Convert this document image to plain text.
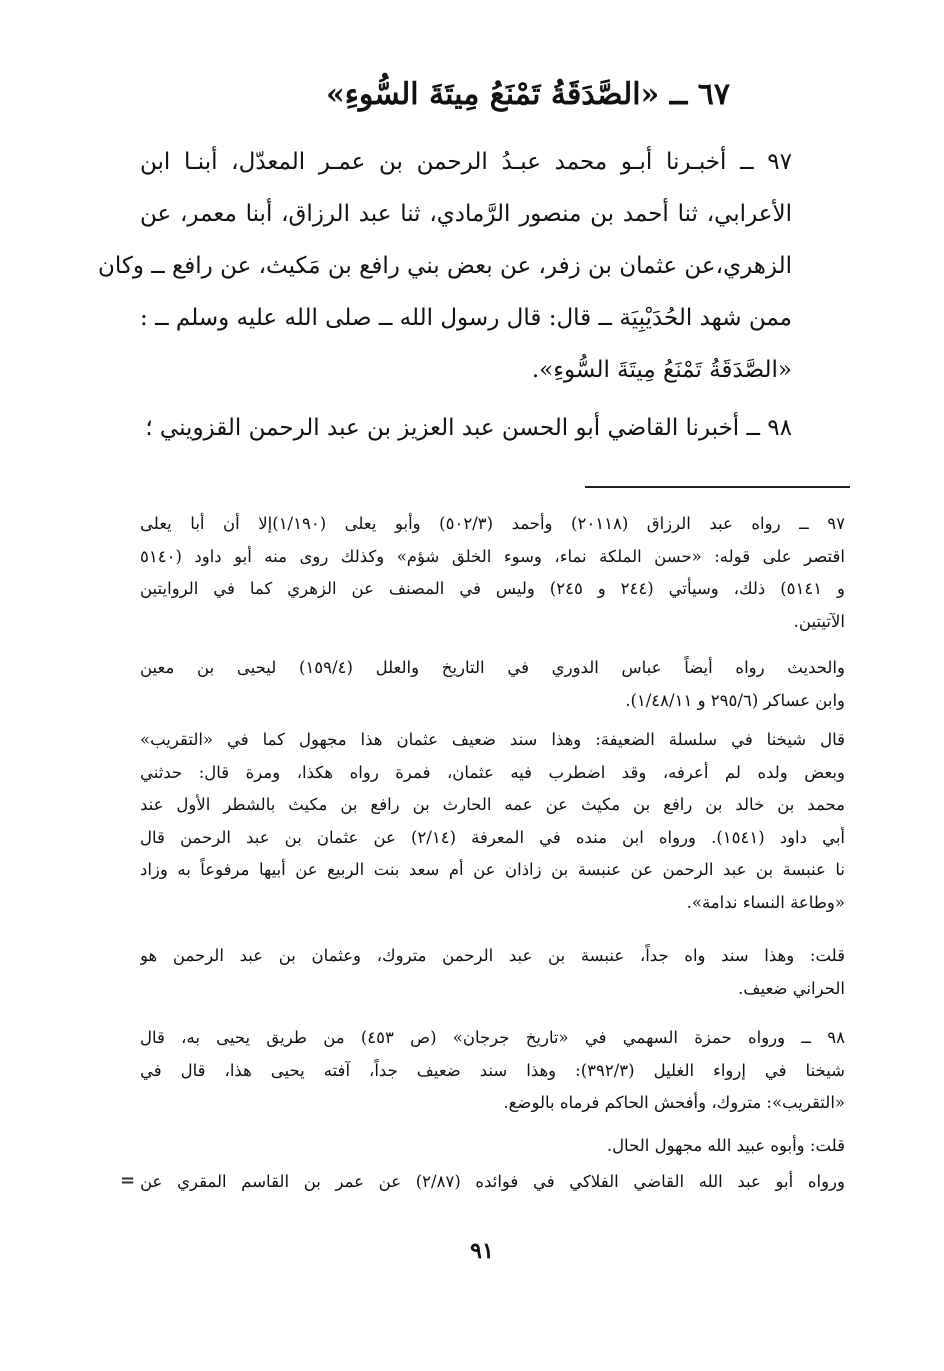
٦٧ ــ «الصَّدَقَةُ تَمْنَعُ مِيتَةَ السُّوءِ»
٩٧ ــ أخبـرنا أبـو محمد عبـدُ الرحمن بن عمـر المعدّل، أبنـا ابن
الأعرابي، ثنا أحمد بن منصور الرَّمادي، ثنا عبد الرزاق، أبنا معمر، عن
الزهري،عن عثمان بن زفر، عن بعض بني رافع بن مَكيث، عن رافع ــ وكان
ممن شهد الحُدَيْبِيَة ــ قال: قال رسول الله ــ صلى الله عليه وسلم ــ :
«الصَّدَقَةُ تَمْنَعُ مِيتَةَ السُّوءِ».
٩٨ ــ أخبرنا القاضي أبو الحسن عبد العزيز بن عبد الرحمن القزويني ؛
٩٧ ــ رواه عبد الرزاق (٢٠١١٨) وأحمد (٥٠٢/٣) وأبو يعلى (١/١٩٠)إلا أن أبا يعلى
اقتصر على قوله: «حسن الملكة نماء، وسوء الخلق شؤم» وكذلك روى منه أبو داود (٥١٤٠
و ٥١٤١) ذلك، وسيأتي (٢٤٤ و ٢٤٥) وليس في المصنف عن الزهري كما في الروايتين
الآتيتين.
والحديث رواه أيضاً عباس الدوري في التاريخ والعلل (١٥٩/٤) ليحيى بن معين
وابن عساكر (٢٩٥/٦ و ١/٤٨/١١).
قال شيخنا في سلسلة الضعيفة: وهذا سند ضعيف عثمان هذا مجهول كما في «التقريب»
وبعض ولده لم أعرفه، وقد اضطرب فيه عثمان، فمرة رواه هكذا، ومرة قال: حدثني
محمد بن خالد بن رافع بن مكيث عن عمه الحارث بن رافع بن مكيث بالشطر الأول عند
أبي داود (١٥٤١). ورواه ابن منده في المعرفة (٢/١٤) عن عثمان بن عبد الرحمن قال
نا عنبسة بن عبد الرحمن عن عنبسة بن زاذان عن أم سعد بنت الربيع عن أبيها مرفوعاً به وزاد
«وطاعة النساء ندامة».
قلت: وهذا سند واه جداً، عنبسة بن عبد الرحمن متروك، وعثمان بن عبد الرحمن هو
الحراني ضعيف.
٩٨ ــ ورواه حمزة السهمي في «تاريخ جرجان» (ص ٤٥٣) من طريق يحيى به، قال
شيخنا في إرواء الغليل (٣٩٢/٣): وهذا سند ضعيف جداً، آفته يحيى هذا، قال في
«التقريب»: متروك، وأفحش الحاكم فرماه بالوضع.
قلت: وأبوه عبيد الله مجهول الحال.
ورواه أبو عبد الله القاضي الفلاكي في فوائده (٢/٨٧) عن عمر بن القاسم المقري عن
=
٩١
